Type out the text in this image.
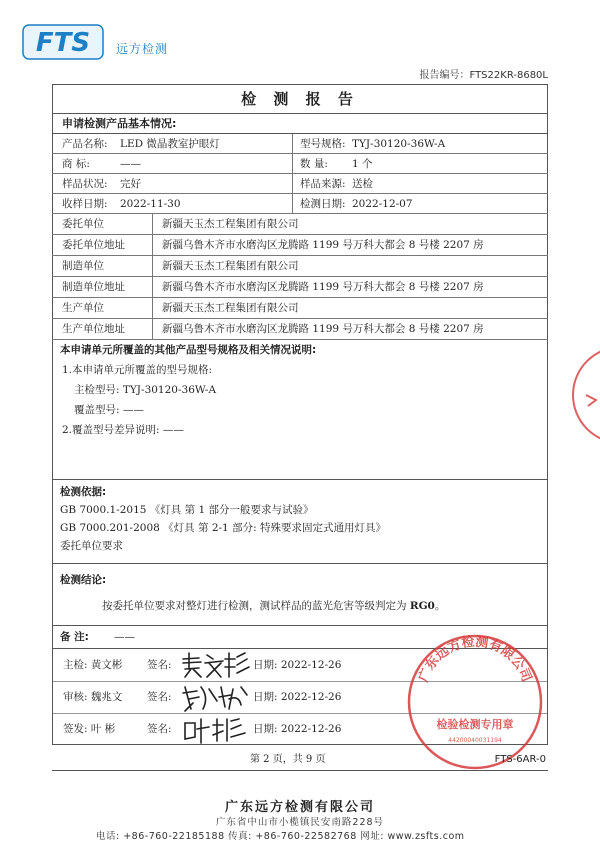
FTS 远方检测
报告编号：FTS22KR-8680L
检 测 报 告
申请检测产品基本情况:
产品名称: LED 微晶教室护眼灯	型号规格: TYJ-30120-36W-A
商 标:	——	数 量: 1 个
样品状况: 完好	样品来源: 送检
收样日期: 2022-11-30	检测日期: 2022-12-07
委托单位	新疆天玉杰工程集团有限公司
委托单位地址	新疆乌鲁木齐市水磨沟区龙腾路 1199 号万科大都会 8 号楼 2207 房
制造单位	新疆天玉杰工程集团有限公司
制造单位地址	新疆乌鲁木齐市水磨沟区龙腾路 1199 号万科大都会 8 号楼 2207 房
生产单位	新疆天玉杰工程集团有限公司
生产单位地址	新疆乌鲁木齐市水磨沟区龙腾路 1199 号万科大都会 8 号楼 2207 房
本申请单元所覆盖的其他产品型号规格及相关情况说明:
1.本申请单元所覆盖的型号规格:
主检型号: TYJ-30120-36W-A
覆盖型号: ——
2.覆盖型号差异说明: ——
检测依据:
GB 7000.1-2015 《灯具 第 1 部分一般要求与试验》
GB 7000.201-2008 《灯具 第 2-1 部分: 特殊要求固定式通用灯具》
委托单位要求
检测结论:
按委托单位要求对整灯进行检测，测试样品的蓝光危害等级判定为 RG0。
备 注: ——
主检: 黄文彬 签名:	日期: 2022-12-26
审核: 魏兆文 签名:	日期: 2022-12-26
签发: 叶 彬	签名:	日期: 2022-12-26
广东远方检测有限公司
检验检测专用章
44200040031194
第 2 页，共 9 页	FTS-6AR-0
广东远方检测有限公司
广东省中山市小榄镇民安南路228号
电话: +86-760-22185188 传真: +86-760-22582768 网址: www.zsfts.com
